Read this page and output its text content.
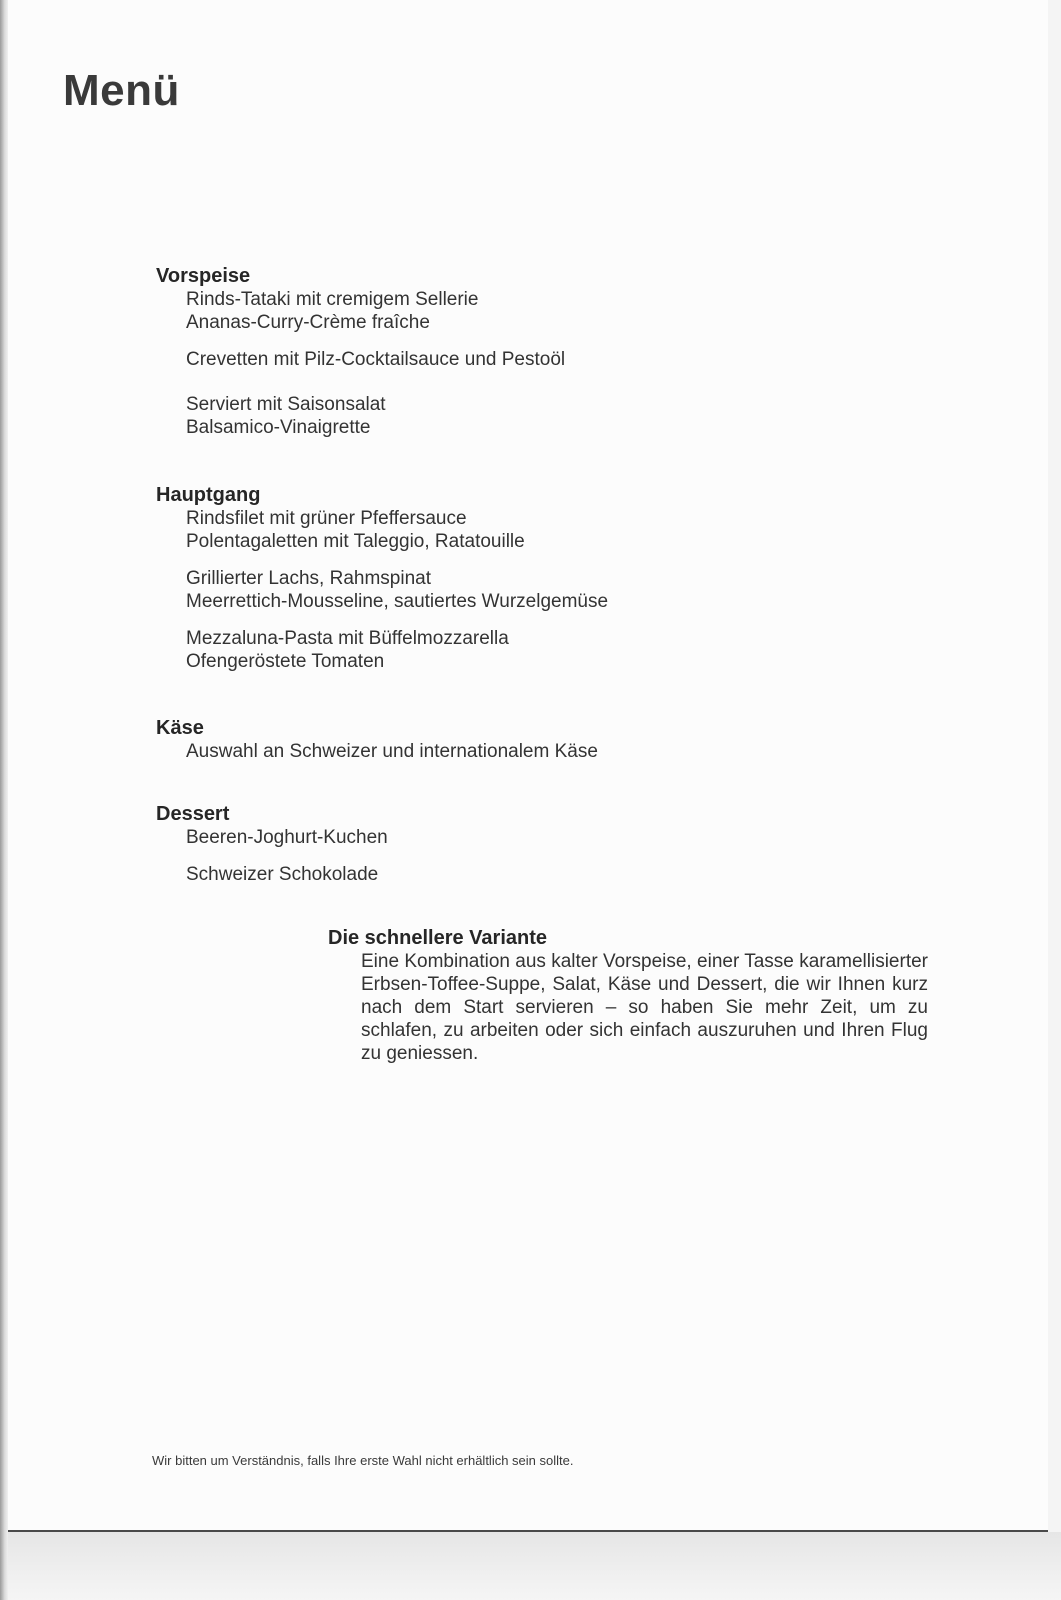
Menü
Vorspeise
Rinds-Tataki mit cremigem Sellerie
Ananas-Curry-Crème fraîche
Crevetten mit Pilz-Cocktailsauce und Pestoöl
Serviert mit Saisonsalat
Balsamico-Vinaigrette
Hauptgang
Rindsfilet mit grüner Pfeffersauce
Polentagaletten mit Taleggio, Ratatouille
Grillierter Lachs, Rahmspinat
Meerrettich-Mousseline, sautiertes Wurzelgemüse
Mezzaluna-Pasta mit Büffelmozzarella
Ofengeröstete Tomaten
Käse
Auswahl an Schweizer und internationalem Käse
Dessert
Beeren-Joghurt-Kuchen
Schweizer Schokolade
Die schnellere Variante

Eine Kombination aus kalter Vorspeise, einer Tasse karamellisierter Erbsen-Toffee-Suppe, Salat, Käse und Dessert, die wir Ihnen kurz nach dem Start servieren – so haben Sie mehr Zeit, um zu schlafen, zu arbeiten oder sich einfach auszuruhen und Ihren Flug zu geniessen.

Wir bitten um Verständnis, falls Ihre erste Wahl nicht erhältlich sein sollte.
